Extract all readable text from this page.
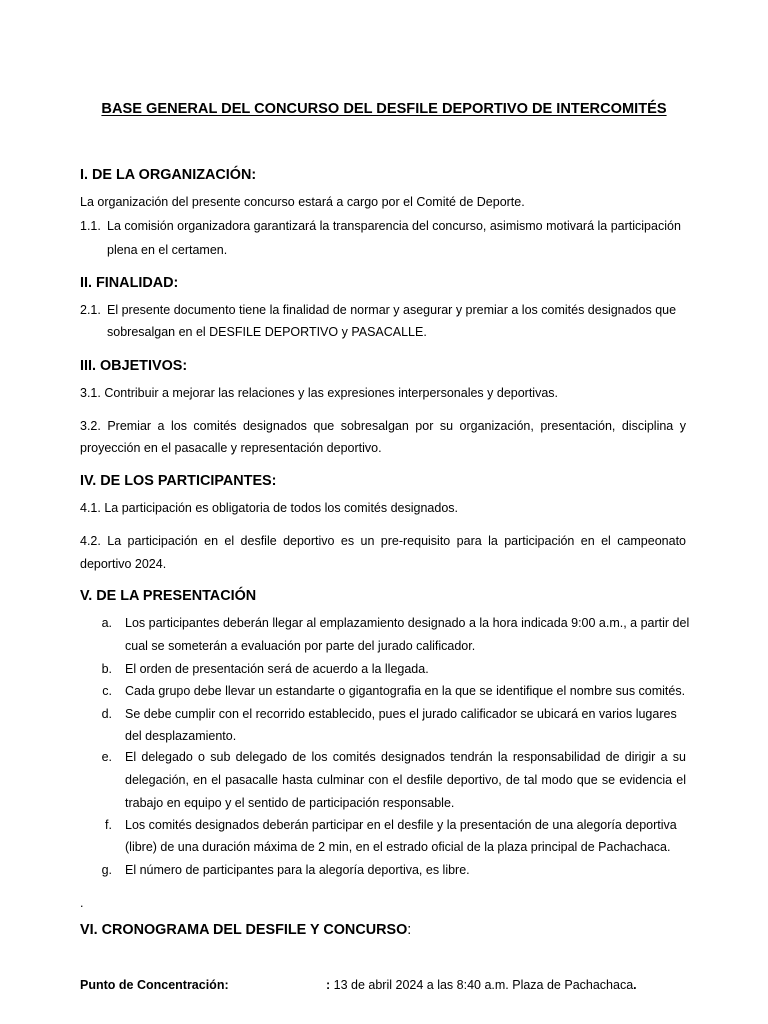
BASE GENERAL DEL CONCURSO DEL DESFILE DEPORTIVO DE INTERCOMITÉS
I. DE LA ORGANIZACIÓN:
La organización del presente concurso estará a cargo por el Comité de Deporte.
1.1. La comisión organizadora garantizará la transparencia del concurso, asimismo motivará la participación
plena en el certamen.
II. FINALIDAD:
2.1. El presente documento tiene la finalidad de normar y asegurar y premiar a los comités designados que
sobresalgan en el DESFILE DEPORTIVO y PASACALLE.
III. OBJETIVOS:
3.1. Contribuir a mejorar las relaciones y las expresiones interpersonales y deportivas.
3.2. Premiar a los comités designados que sobresalgan por su organización, presentación, disciplina y
proyección en el pasacalle y representación deportivo.
IV. DE LOS PARTICIPANTES:
4.1. La participación es obligatoria de todos los comités designados.
4.2. La participación en el desfile deportivo es un pre-requisito para la participación en el campeonato
deportivo 2024.
V. DE LA PRESENTACIÓN
a. Los participantes deberán llegar al emplazamiento designado a la hora indicada 9:00 a.m., a partir del
cual se someterán a evaluación por parte del jurado calificador.
b. El orden de presentación será de acuerdo a la llegada.
c. Cada grupo debe llevar un estandarte o gigantografia en la que se identifique el nombre sus comités.
d. Se debe cumplir con el recorrido establecido, pues el jurado calificador se ubicará en varios lugares
del desplazamiento.
e. El delegado o sub delegado de los comités designados tendrán la responsabilidad de dirigir a su
delegación, en el pasacalle hasta culminar con el desfile deportivo, de tal modo que se evidencia el
trabajo en equipo y el sentido de participación responsable.
f. Los comités designados deberán participar en el desfile y la presentación de una alegoría deportiva
(libre) de una duración máxima de 2 min, en el estrado oficial de la plaza principal de Pachachaca.
g. El número de participantes para la alegoría deportiva, es libre.
.
VI. CRONOGRAMA DEL DESFILE Y CONCURSO:
Punto de Concentración:	: 13 de abril 2024 a las 8:40 a.m. Plaza de Pachachaca.
